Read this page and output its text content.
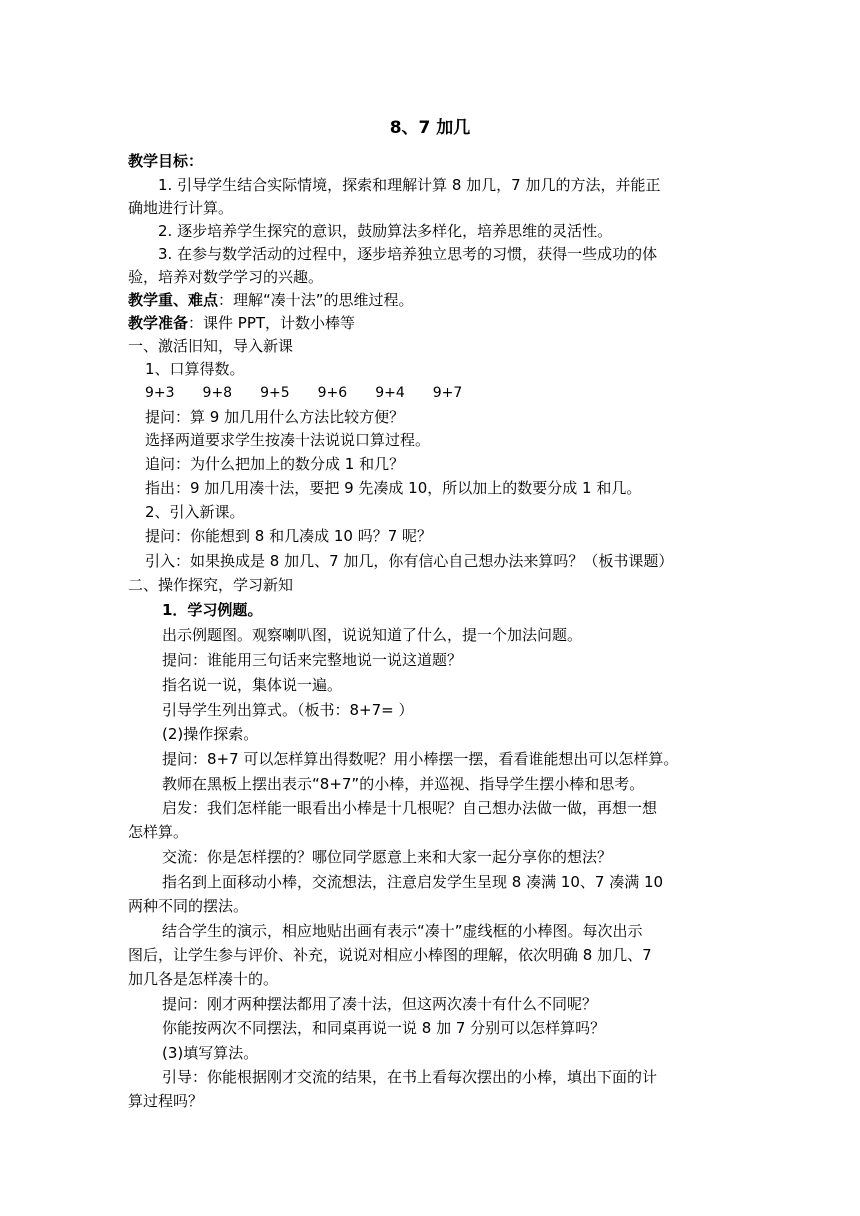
8、7 加几
教学目标：
1. 引导学生结合实际情境，探索和理解计算 8 加几，7 加几的方法，并能正
确地进行计算。
2. 逐步培养学生探究的意识，鼓励算法多样化，培养思维的灵活性。
3. 在参与数学活动的过程中，逐步培养独立思考的习惯，获得一些成功的体
验，培养对数学学习的兴趣。
教学重、难点：理解“凑十法”的思维过程。
教学准备：课件 PPT，计数小棒等
一、激活旧知，导入新课
1、口算得数。
9+3 9+8 9+5 9+6 9+4 9+7
提问：算 9 加几用什么方法比较方便？
选择两道要求学生按凑十法说说口算过程。
追问：为什么把加上的数分成 1 和几？
指出：9 加几用凑十法，要把 9 先凑成 10，所以加上的数要分成 1 和几。
2、引入新课。
提问：你能想到 8 和几凑成 10 吗？7 呢？
引入：如果换成是 8 加几、7 加几，你有信心自己想办法来算吗？（板书课题）
二、操作探究，学习新知
1．学习例题。
出示例题图。观察喇叭图，说说知道了什么，提一个加法问题。
提问：谁能用三句话来完整地说一说这道题？
指名说一说，集体说一遍。
引导学生列出算式。（板书：8+7= ）
(2)操作探索。
提问：8+7 可以怎样算出得数呢？用小棒摆一摆，看看谁能想出可以怎样算。
教师在黑板上摆出表示“8+7”的小棒，并巡视、指导学生摆小棒和思考。
启发：我们怎样能一眼看出小棒是十几根呢？自己想办法做一做，再想一想
怎样算。
交流：你是怎样摆的？哪位同学愿意上来和大家一起分享你的想法？
指名到上面移动小棒，交流想法，注意启发学生呈现 8 凑满 10、7 凑满 10
两种不同的摆法。
结合学生的演示，相应地贴出画有表示“凑十”虚线框的小棒图。每次出示
图后，让学生参与评价、补充，说说对相应小棒图的理解，依次明确 8 加几、7
加几各是怎样凑十的。
提问：刚才两种摆法都用了凑十法，但这两次凑十有什么不同呢？
你能按两次不同摆法，和同桌再说一说 8 加 7 分别可以怎样算吗？
(3)填写算法。
引导：你能根据刚才交流的结果，在书上看每次摆出的小棒，填出下面的计
算过程吗？
